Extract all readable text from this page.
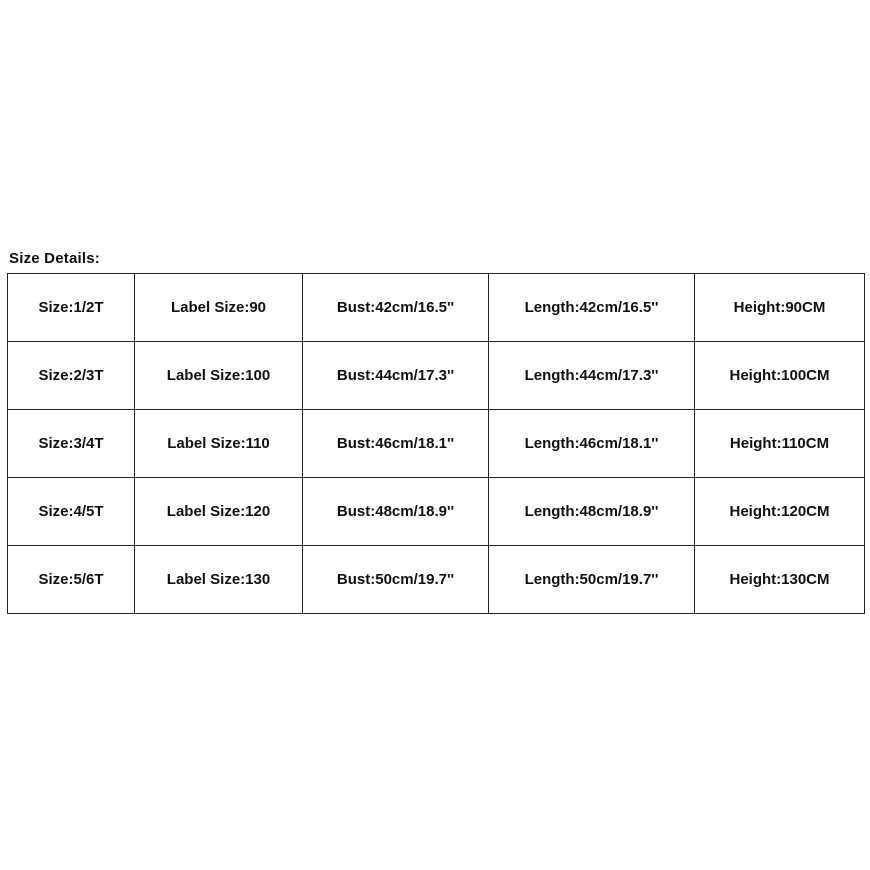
Size Details:
Size:1/2T	Label Size:90	Bust:42cm/16.5''	Length:42cm/16.5''	Height:90CM
Size:2/3T	Label Size:100	Bust:44cm/17.3''	Length:44cm/17.3''	Height:100CM
Size:3/4T	Label Size:110	Bust:46cm/18.1''	Length:46cm/18.1''	Height:110CM
Size:4/5T	Label Size:120	Bust:48cm/18.9''	Length:48cm/18.9''	Height:120CM
Size:5/6T	Label Size:130	Bust:50cm/19.7''	Length:50cm/19.7''	Height:130CM
